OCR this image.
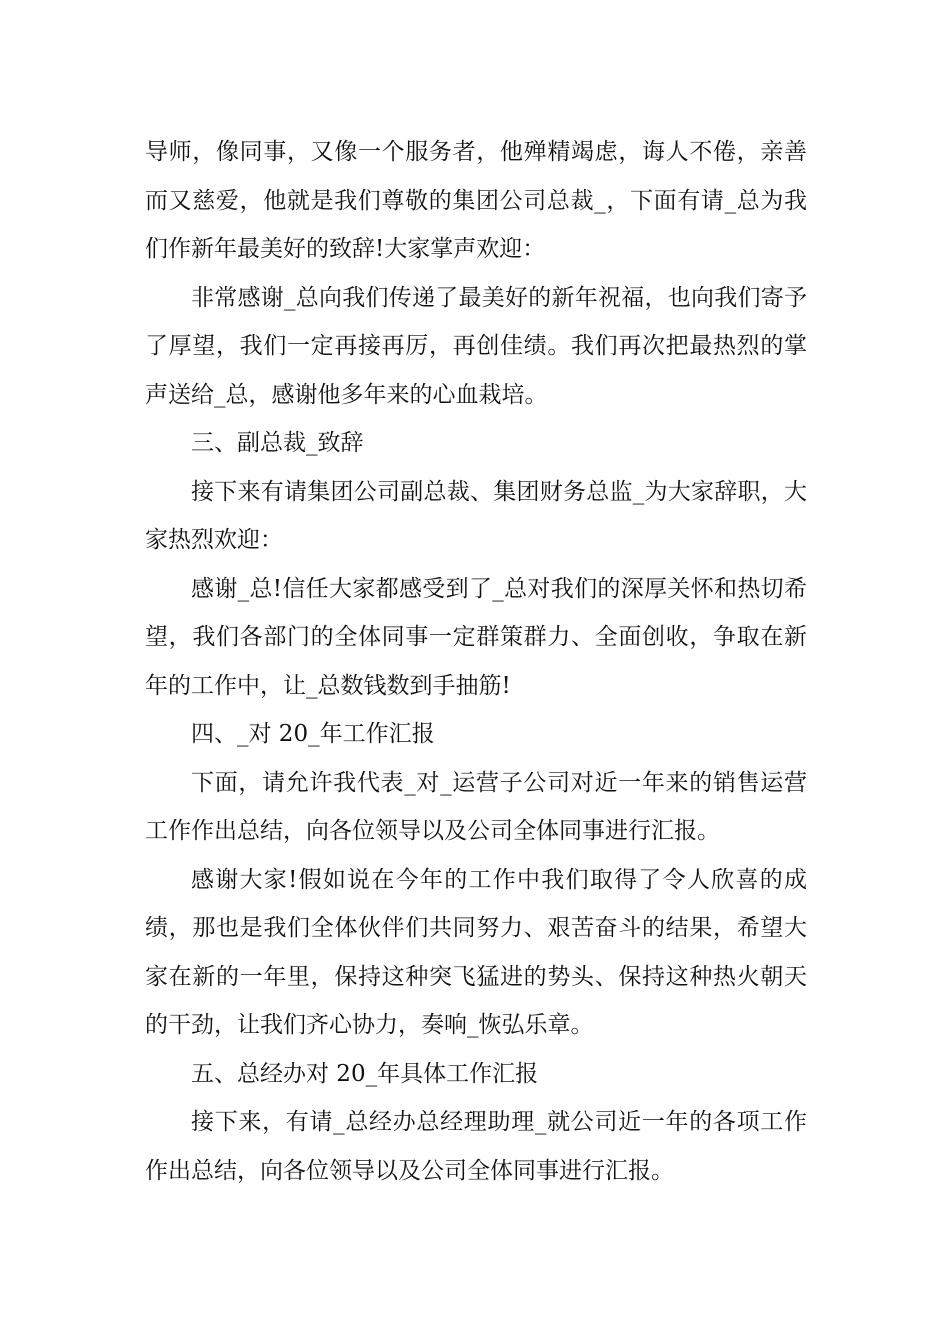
导师，像同事，又像一个服务者，他殚精竭虑，诲人不倦，亲善而又慈爱，他就是我们尊敬的集团公司总裁_，下面有请_总为我们作新年最美好的致辞!大家掌声欢迎：

非常感谢_总向我们传递了最美好的新年祝福，也向我们寄予了厚望，我们一定再接再厉，再创佳绩。我们再次把最热烈的掌声送给_总，感谢他多年来的心血栽培。

三、副总裁_致辞

接下来有请集团公司副总裁、集团财务总监_为大家辞职，大家热烈欢迎：

感谢_总!信任大家都感受到了_总对我们的深厚关怀和热切希望，我们各部门的全体同事一定群策群力、全面创收，争取在新年的工作中，让_总数钱数到手抽筋!

四、_对 20_年工作汇报

下面，请允许我代表_对_运营子公司对近一年来的销售运营工作作出总结，向各位领导以及公司全体同事进行汇报。

感谢大家!假如说在今年的工作中我们取得了令人欣喜的成绩，那也是我们全体伙伴们共同努力、艰苦奋斗的结果，希望大家在新的一年里，保持这种突飞猛进的势头、保持这种热火朝天的干劲，让我们齐心协力，奏响_恢弘乐章。

五、总经办对 20_年具体工作汇报

接下来，有请_总经办总经理助理_就公司近一年的各项工作作出总结，向各位领导以及公司全体同事进行汇报。
